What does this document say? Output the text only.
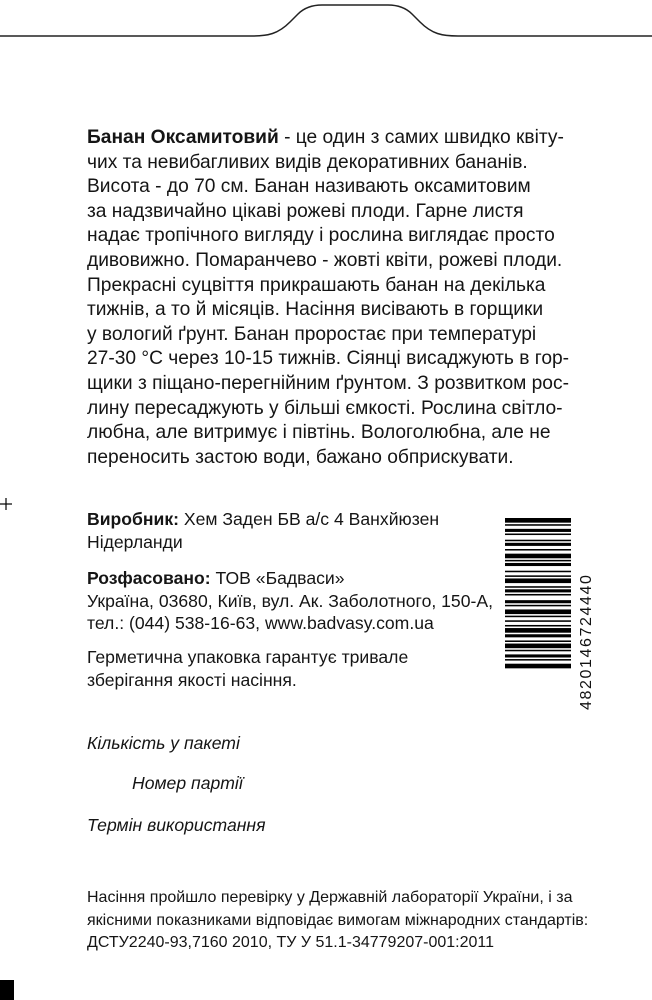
Банан Оксамитовий - це один з самих швидко квіту-
чих та невибагливих видів декоративних бананів.
Висота - до 70 см. Банан називають оксамитовим
за надзвичайно цікаві рожеві плоди. Гарне листя
надає тропічного вигляду і рослина виглядає просто
дивовижно. Помаранчево - жовті квіти, рожеві плоди.
Прекрасні суцвіття прикрашають банан на декілька
тижнів, а то й місяців. Насіння висівають в горщики
у вологий ґрунт. Банан проростає при температурі
27-30 °С через 10-15 тижнів. Сіянці висаджують в гор-
щики з піщано-перегнійним ґрунтом. З розвитком рос-
лину пересаджують у більші ємкості. Рослина світло-
любна, але витримує і півтінь. Вологолюбна, але не
переносить застою води, бажано обприскувати.
Виробник: Хем Заден БВ а/с 4 Ванхйюзен
Нідерланди
Розфасовано: ТОВ «Бадваси»
Україна, 03680, Київ, вул. Ак. Заболотного, 150-А,
тел.: (044) 538-16-63, www.badvasy.com.ua
Герметична упаковка гарантує тривале
зберігання якості насіння.
Кількість у пакеті
Номер партії
Термін використання
Насіння пройшло перевірку у Державній лабораторії України, і за
якісними показниками відповідає вимогам міжнародних стандартів:
ДСТУ2240-93,7160 2010, ТУ У 51.1-34779207-001:2011
4820146724440
